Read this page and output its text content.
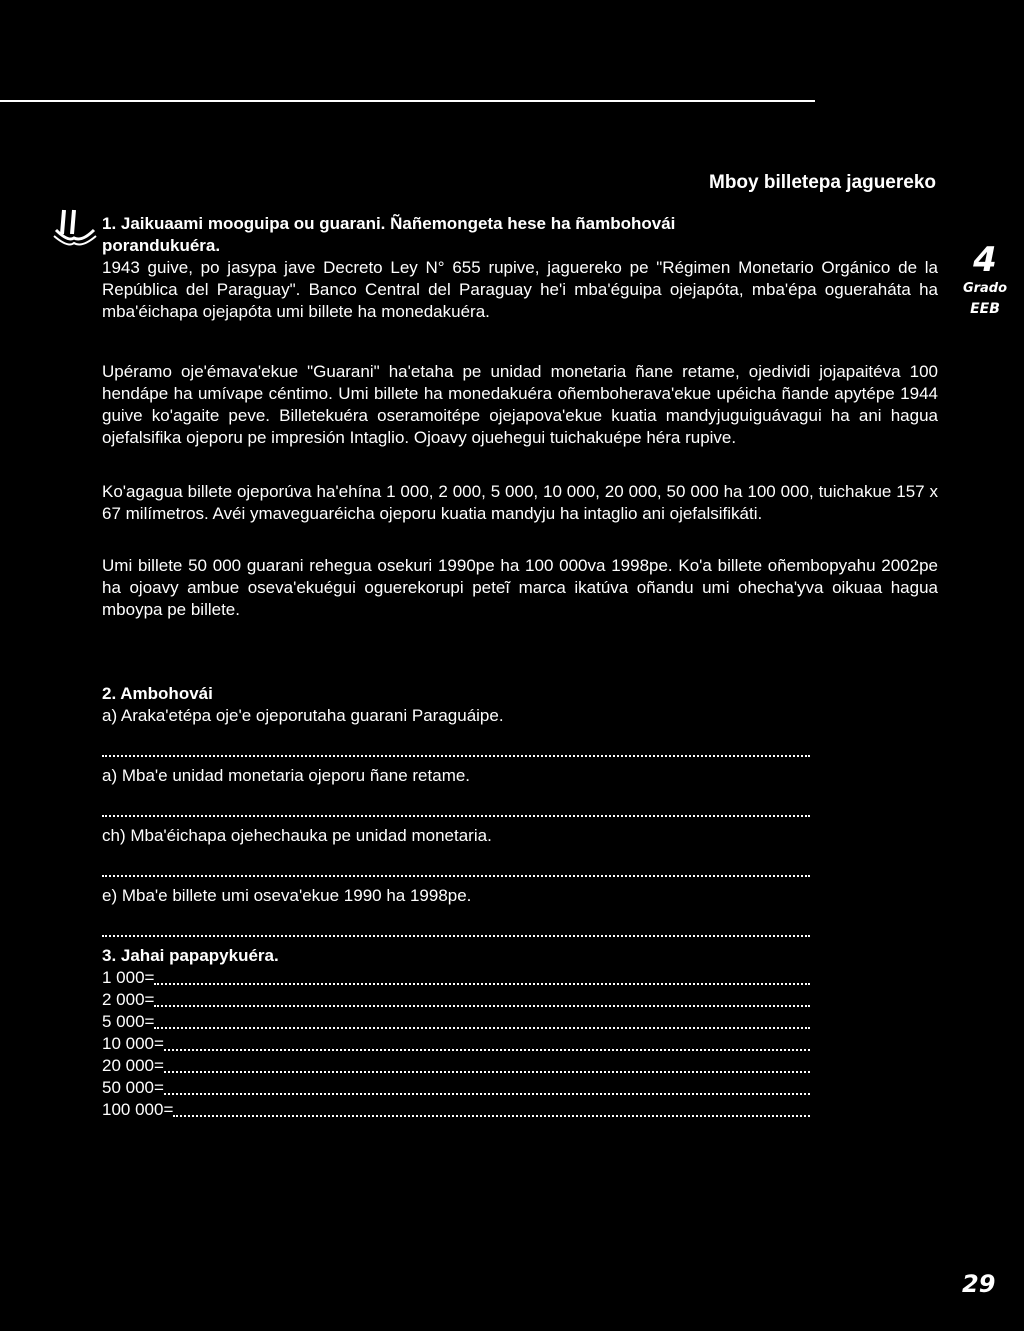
Mboy billetepa jaguereko
4
Grado
EEB

1. Jaikuaami mooguipa ou guarani. Ñañemongeta hese ha ñambohovái
porandukuéra.

1943 guive, po jasypa jave Decreto Ley N° 655 rupive, jaguereko pe "Régimen Monetario Orgánico de la República del Paraguay". Banco Central del Paraguay he'i mba'éguipa ojejapóta, mba'épa ogueraháta ha mba'éichapa ojejapóta umi billete ha monedakuéra.

Upéramo oje'émava'ekue "Guarani" ha'etaha pe unidad monetaria ñane retame, ojedividi jojapaitéva 100 hendápe ha umívape céntimo. Umi billete ha monedakuéra oñemboherava'ekue upéicha ñande apytépe 1944 guive ko'agaite peve. Billetekuéra oseramoitépe ojejapova'ekue kuatia mandyjuguiguávagui ha ani hagua ojefalsifika ojeporu pe impresión Intaglio. Ojoavy ojuehegui tuichakuépe héra rupive.

Ko'agagua billete ojeporúva ha'ehína 1 000, 2 000, 5 000, 10 000, 20 000, 50 000 ha 100 000, tuichakue 157 x 67 milímetros. Avéi ymaveguaréicha ojeporu kuatia mandyju ha intaglio ani ojefalsifikáti.

Umi billete 50 000 guarani rehegua osekuri 1990pe ha 100 000va 1998pe. Ko'a billete oñembopyahu 2002pe ha ojoavy ambue oseva'ekuégui oguerekorupi peteĩ marca ikatúva oñandu umi ohecha'yva oikuaa hagua mboypa pe billete.

2. Ambohovái

a) Araka'etépa oje'e ojeporutaha guarani Paraguáipe.

a) Mba'e unidad monetaria ojeporu ñane retame.

ch) Mba'éichapa ojehechauka pe unidad monetaria.

e) Mba'e billete umi oseva'ekue 1990 ha 1998pe.

3. Jahai papapykuéra.

1 000=
2 000=
5 000=
10 000=
20 000=
50 000=
100 000=
29
